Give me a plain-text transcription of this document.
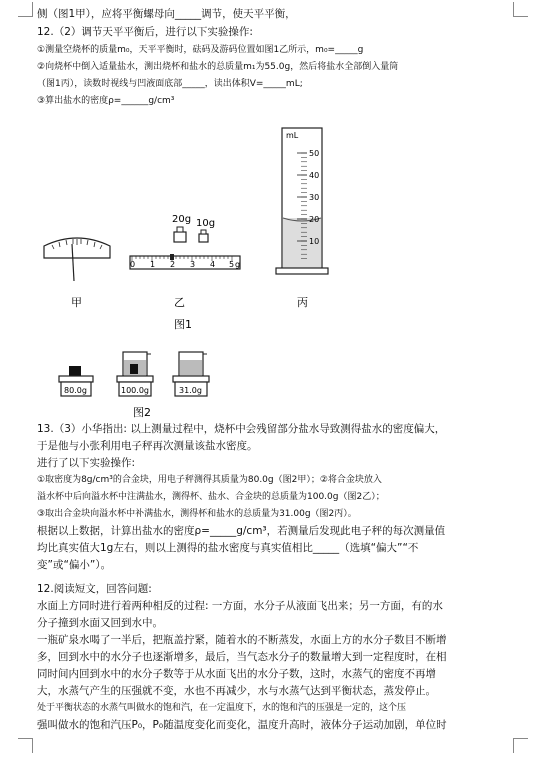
侧（图1甲），应将平衡螺母向_____调节，使天平平衡，
12.（2）调节天平平衡后，进行以下实验操作:
①测量空烧杯的质量m₀，天平平衡时，砝码及游码位置如图1乙所示，m₀=_____g
②向烧杯中倒入适量盐水，测出烧杯和盐水的总质量m₁为55.0g，然后将盐水全部倒入量筒
（图1丙），读数时视线与凹液面底部_____，读出体积V=_____mL;
③算出盐水的密度ρ=______g/cm³
甲
20g 10g
0 1 2 3 4 5 g
乙
mL
50
40
30
20
10
丙
图1
80.0g	100.0g	31.0g
图2
13.（3）小华指出: 以上测量过程中，烧杯中会残留部分盐水导致测得盐水的密度偏大，
于是他与小张利用电子秤再次测量该盐水密度。
进行了以下实验操作:
①取密度为8g/cm³的合金块，用电子秤测得其质量为80.0g（图2甲）；②将合金块放入
溢水杯中后向溢水杯中注满盐水，测得杯、盐水、合金块的总质量为100.0g（图2乙）；
③取出合金块向溢水杯中补满盐水，测得杯和盐水的总质量为31.00g（图2丙）。
根据以上数据，计算出盐水的密度ρ=_____g/cm³，若测量后发现此电子秤的每次测量值
均比真实值大1g左右，则以上测得的盐水密度与真实值相比_____（选填“偏大”“不
变”或“偏小”）。
12.阅读短文，回答问题:
水面上方同时进行着两种相反的过程: 一方面，水分子从液面飞出来；另一方面，有的水
分子撞到水面又回到水中。
一瓶矿泉水喝了一半后，把瓶盖拧紧，随着水的不断蒸发，水面上方的水分子数目不断增
多，回到水中的水分子也逐渐增多，最后，当气态水分子的数量增大到一定程度时，在相
同时间内回到水中的水分子数等于从水面飞出的水分子数，这时，水蒸气的密度不再增
大，水蒸气产生的压强就不变，水也不再减少，水与水蒸气达到平衡状态，蒸发停止。
处于平衡状态的水蒸气叫做水的饱和汽，在一定温度下，水的饱和汽的压强是一定的，这个压
强叫做水的饱和汽压P₀，P₀随温度变化而变化，温度升高时，液体分子运动加剧，单位时
